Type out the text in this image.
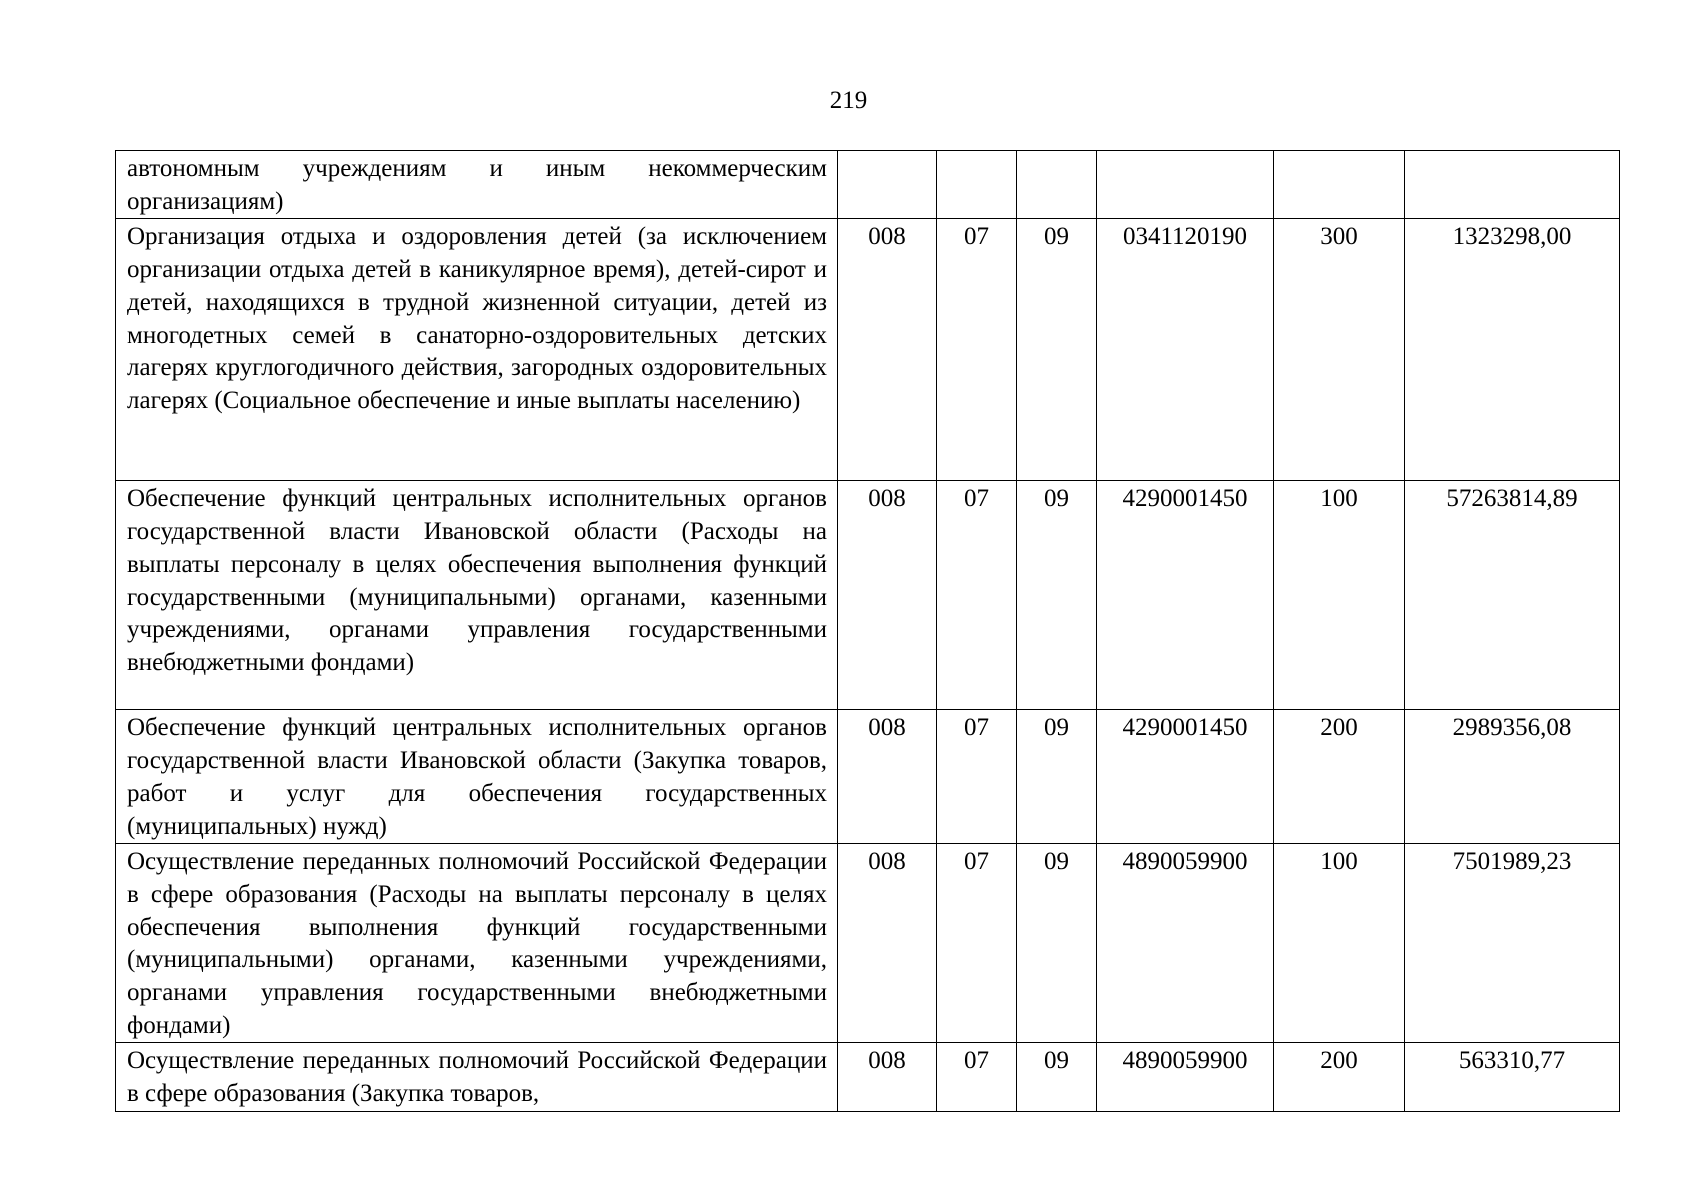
219
автономным учреждениям и иным некоммерческим организациям)						
Организация отдыха и оздоровления детей (за исключением организации отдыха детей в каникулярное время), детей-сирот и детей, находящихся в трудной жизненной ситуации, детей из многодетных семей в санаторно-оздоровительных детских лагерях круглогодичного действия, загородных оздоровительных лагерях (Социальное обеспечение и иные выплаты населению)	008	07	09	0341120190	300	1323298,00
Обеспечение функций центральных исполнительных органов государственной власти Ивановской области (Расходы на выплаты персоналу в целях обеспечения выполнения функций государственными (муниципальными) органами, казенными учреждениями, органами управления государственными внебюджетными фондами)	008	07	09	4290001450	100	57263814,89
Обеспечение функций центральных исполнительных органов государственной власти Ивановской области (Закупка товаров, работ и услуг для обеспечения государственных (муниципальных) нужд)	008	07	09	4290001450	200	2989356,08
Осуществление переданных полномочий Российской Федерации в сфере образования (Расходы на выплаты персоналу в целях обеспечения выполнения функций государственными (муниципальными) органами, казенными учреждениями, органами управления государственными внебюджетными фондами)	008	07	09	4890059900	100	7501989,23
Осуществление переданных полномочий Российской Федерации в сфере образования (Закупка товаров,	008	07	09	4890059900	200	563310,77
